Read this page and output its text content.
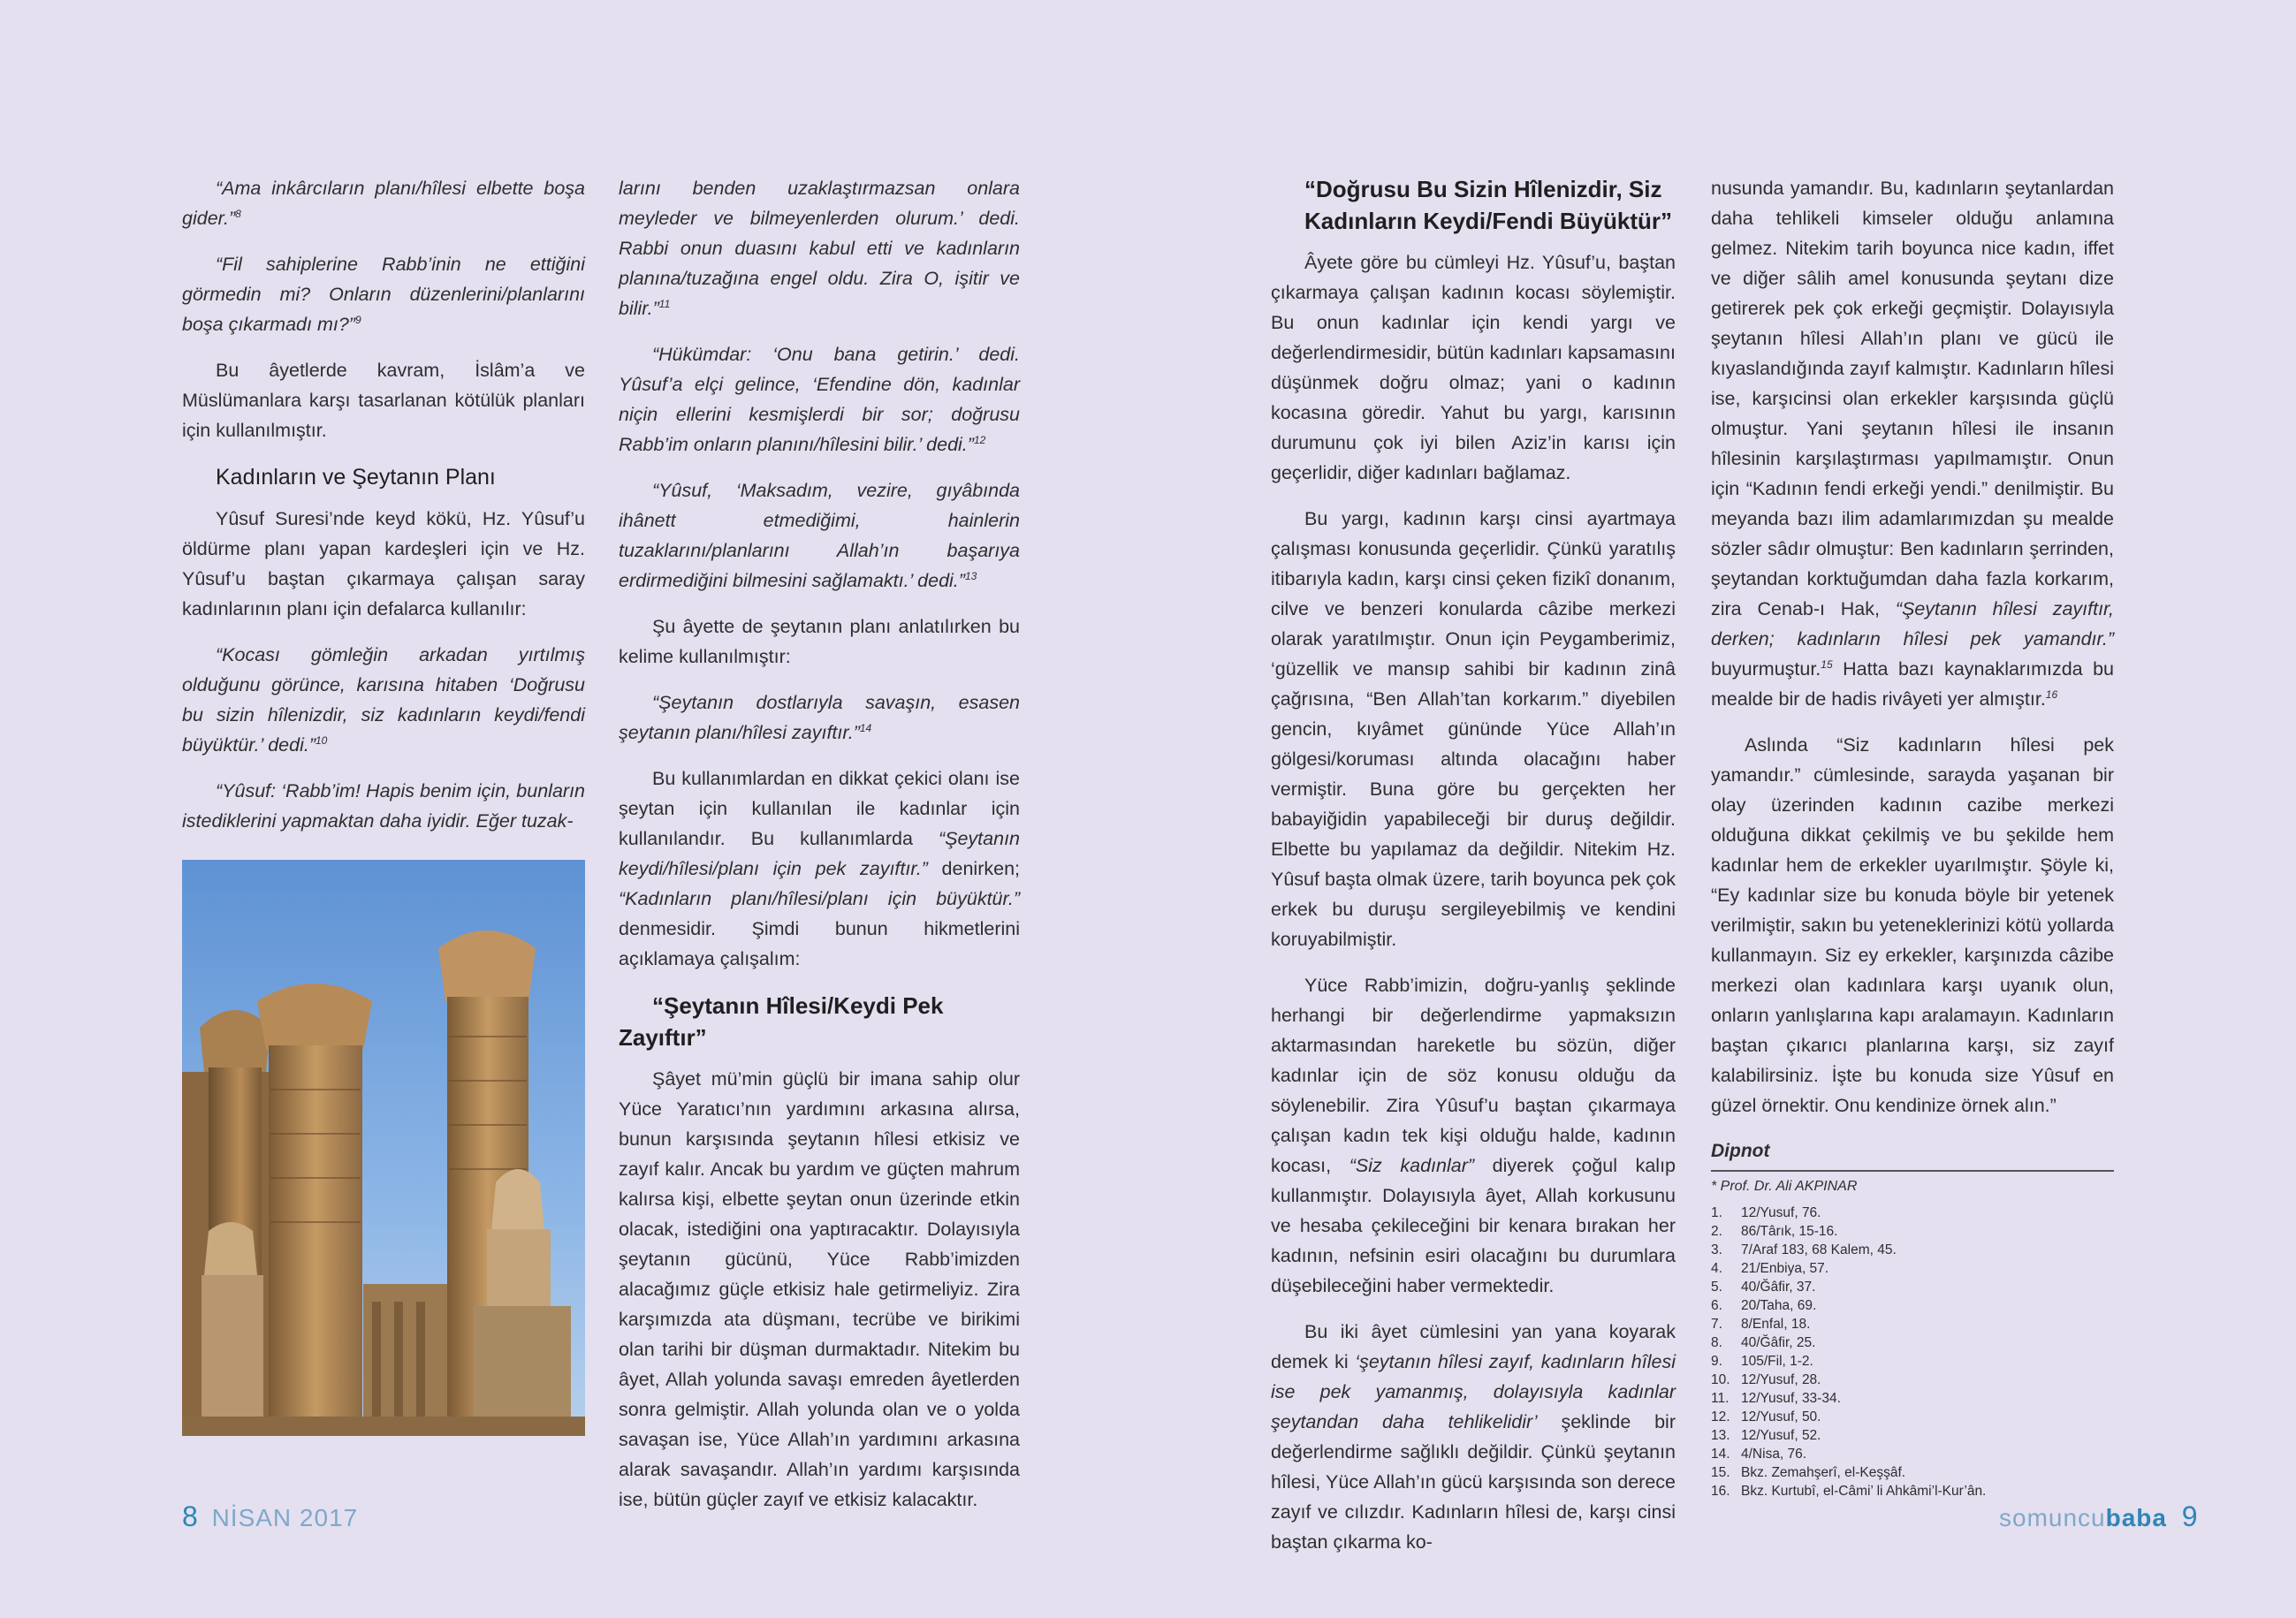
“Ama inkârcıların planı/hîlesi elbette boşa gider.”$^8$

“Fil sahiplerine Rabb’inin ne ettiğini görmedin mi? Onların düzenlerini/planlarını boşa çıkarmadı mı?”$^9$

Bu âyetlerde kavram, İslâm’a ve Müslümanlara karşı tasarlanan kötülük planları için kullanılmıştır.

Kadınların ve Şeytanın Planı

Yûsuf Suresi’nde keyd kökü, Hz. Yûsuf’u öldürme planı yapan kardeşleri için ve Hz. Yûsuf’u baştan çıkarmaya çalışan saray kadınlarının planı için defalarca kullanılır:

“Kocası gömleğin arkadan yırtılmış olduğunu görünce, karısına hitaben ‘Doğrusu bu sizin hîlenizdir, siz kadınların keydi/fendi büyüktür.’ dedi.”$^{10}$

“Yûsuf: ‘Rabb’im! Hapis benim için, bunların istediklerini yapmaktan daha iyidir. Eğer tuzak-

larını benden uzaklaştırmazsan onlara meyleder ve bilmeyenlerden olurum.’ dedi. Rabbi onun duasını kabul etti ve kadınların planına/tuzağına engel oldu. Zira O, işitir ve bilir.”$^{11}$

“Hükümdar: ‘Onu bana getirin.’ dedi. Yûsuf’a elçi gelince, ‘Efendine dön, kadınlar niçin ellerini kesmişlerdi bir sor; doğrusu Rabb’im onların planını/hîlesini bilir.’ dedi.”$^{12}$

“Yûsuf, ‘Maksadım, vezire, gıyâbında ihânett etmediğimi, hainlerin tuzaklarını/planlarını Allah’ın başarıya erdirmediğini bilmesini sağlamaktı.’ dedi.”$^{13}$

Şu âyette de şeytanın planı anlatılırken bu kelime kullanılmıştır:

“Şeytanın dostlarıyla savaşın, esasen şeytanın planı/hîlesi zayıftır.”$^{14}$

Bu kullanımlardan en dikkat çekici olanı ise şeytan için kullanılan ile kadınlar için kullanılandır. Bu kullanımlarda “Şeytanın keydi/hîlesi/planı için pek zayıftır.” denirken; “Kadınların planı/hîlesi/planı için büyüktür.” denmesidir. Şimdi bunun hikmetlerini açıklamaya çalışalım:

“Şeytanın Hîlesi/Keydi Pek Zayıftır”

Şâyet mü’min güçlü bir imana sahip olur Yüce Yaratıcı’nın yardımını arkasına alırsa, bunun karşısında şeytanın hîlesi etkisiz ve zayıf kalır. Ancak bu yardım ve güçten mahrum kalırsa kişi, elbette şeytan onun üzerinde etkin olacak, istediğini ona yaptıracaktır. Dolayısıyla şeytanın gücünü, Yüce Rabb’imizden alacağımız güçle etkisiz hale getirmeliyiz. Zira karşımızda ata düşmanı, tecrübe ve birikimi olan tarihi bir düşman durmaktadır. Nitekim bu âyet, Allah yolunda savaşı emreden âyetlerden sonra gelmiştir. Allah yolunda olan ve o yolda savaşan ise, Yüce Allah’ın yardımını arkasına alarak savaşandır. Allah’ın yardımı karşısında ise, bütün güçler zayıf ve etkisiz kalacaktır.

“Doğrusu Bu Sizin Hîlenizdir, Siz Kadınların Keydi/Fendi Büyüktür”

Âyete göre bu cümleyi Hz. Yûsuf’u, baştan çıkarmaya çalışan kadının kocası söylemiştir. Bu onun kadınlar için kendi yargı ve değerlendirmesidir, bütün kadınları kapsamasını düşünmek doğru olmaz; yani o kadının kocasına göredir. Yahut bu yargı, karısının durumunu çok iyi bilen Aziz’in karısı için geçerlidir, diğer kadınları bağlamaz.

Bu yargı, kadının karşı cinsi ayartmaya çalışması konusunda geçerlidir. Çünkü yaratılış itibarıyla kadın, karşı cinsi çeken fizikî donanım, cilve ve benzeri konularda câzibe merkezi olarak yaratılmıştır. Onun için Peygamberimiz, ‘güzellik ve mansıp sahibi bir kadının zinâ çağrısına, “Ben Allah’tan korkarım.” diyebilen gencin, kıyâmet gününde Yüce Allah’ın gölgesi/koruması altında olacağını haber vermiştir. Buna göre bu gerçekten her babayiğidin yapabileceği bir duruş değildir. Elbette bu yapılamaz da değildir. Nitekim Hz. Yûsuf başta olmak üzere, tarih boyunca pek çok erkek bu duruşu sergileyebilmiş ve kendini koruyabilmiştir.

Yüce Rabb’imizin, doğru-yanlış şeklinde herhangi bir değerlendirme yapmaksızın aktarmasından hareketle bu sözün, diğer kadınlar için de söz konusu olduğu da söylenebilir. Zira Yûsuf’u baştan çıkarmaya çalışan kadın tek kişi olduğu halde, kadının kocası, “Siz kadınlar” diyerek çoğul kalıp kullanmıştır. Dolayısıyla âyet, Allah korkusunu ve hesaba çekileceğini bir kenara bırakan her kadının, nefsinin esiri olacağını bu durumlara düşebileceğini haber vermektedir.

Bu iki âyet cümlesini yan yana koyarak demek ki ‘şeytanın hîlesi zayıf, kadınların hîlesi ise pek yamanmış, dolayısıyla kadınlar şeytandan daha tehlikelidir’ şeklinde bir değerlendirme sağlıklı değildir. Çünkü şeytanın hîlesi, Yüce Allah’ın gücü karşısında son derece zayıf ve cılızdır. Kadınların hîlesi de, karşı cinsi baştan çıkarma ko-

nusunda yamandır. Bu, kadınların şeytanlardan daha tehlikeli kimseler olduğu anlamına gelmez. Nitekim tarih boyunca nice kadın, iffet ve diğer sâlih amel konusunda şeytanı dize getirerek pek çok erkeği geçmiştir. Dolayısıyla şeytanın hîlesi Allah’ın planı ve gücü ile kıyaslandığında zayıf kalmıştır. Kadınların hîlesi ise, karşıcinsi olan erkekler karşısında güçlü olmuştur. Yani şeytanın hîlesi ile insanın hîlesinin karşılaştırması yapılmamıştır. Onun için “Kadının fendi erkeği yendi.” denilmiştir. Bu meyanda bazı ilim adamlarımızdan şu mealde sözler sâdır olmuştur: Ben kadınların şerrinden, şeytandan korktuğumdan daha fazla korkarım, zira Cenab-ı Hak, “Şeytanın hîlesi zayıftır, derken; kadınların hîlesi pek yamandır.” buyurmuştur.$^{15}$ Hatta bazı kaynaklarımızda bu mealde bir de hadis rivâyeti yer almıştır.$^{16}$

Aslında “Siz kadınların hîlesi pek yamandır.” cümlesinde, sarayda yaşanan bir olay üzerinden kadının cazibe merkezi olduğuna dikkat çekilmiş ve bu şekilde hem kadınlar hem de erkekler uyarılmıştır. Şöyle ki, “Ey kadınlar size bu konuda böyle bir yetenek verilmiştir, sakın bu yeteneklerinizi kötü yollarda kullanmayın. Siz ey erkekler, karşınızda câzibe merkezi olan kadınlara karşı uyanık olun, onların yanlışlarına kapı aralamayın. Kadınların baştan çıkarıcı planlarına karşı, siz zayıf kalabilirsiniz. İşte bu konuda size Yûsuf en güzel örnektir. Onu kendinize örnek alın.”

Dipnot
* Prof. Dr. Ali AKPINAR
1.	12/Yusuf, 76.
2.	86/Târık, 15-16.
3.	7/Araf 183, 68 Kalem, 45.
4.	21/Enbiya, 57.
5.	40/Ğâfir, 37.
6.	20/Taha, 69.
7.	8/Enfal, 18.
8.	40/Ğâfir, 25.
9.	105/Fil, 1-2.
10. 12/Yusuf, 28.
11. 12/Yusuf, 33-34.
12. 12/Yusuf, 50.
13. 12/Yusuf, 52.
14. 4/Nisa, 76.
15. Bkz. Zemahşerî, el-Keşşâf.
16. Bkz. Kurtubî, el-Câmi’ li Ahkâmi’l-Kur’ân.
8 NİSAN 2017	somuncubaba 9
